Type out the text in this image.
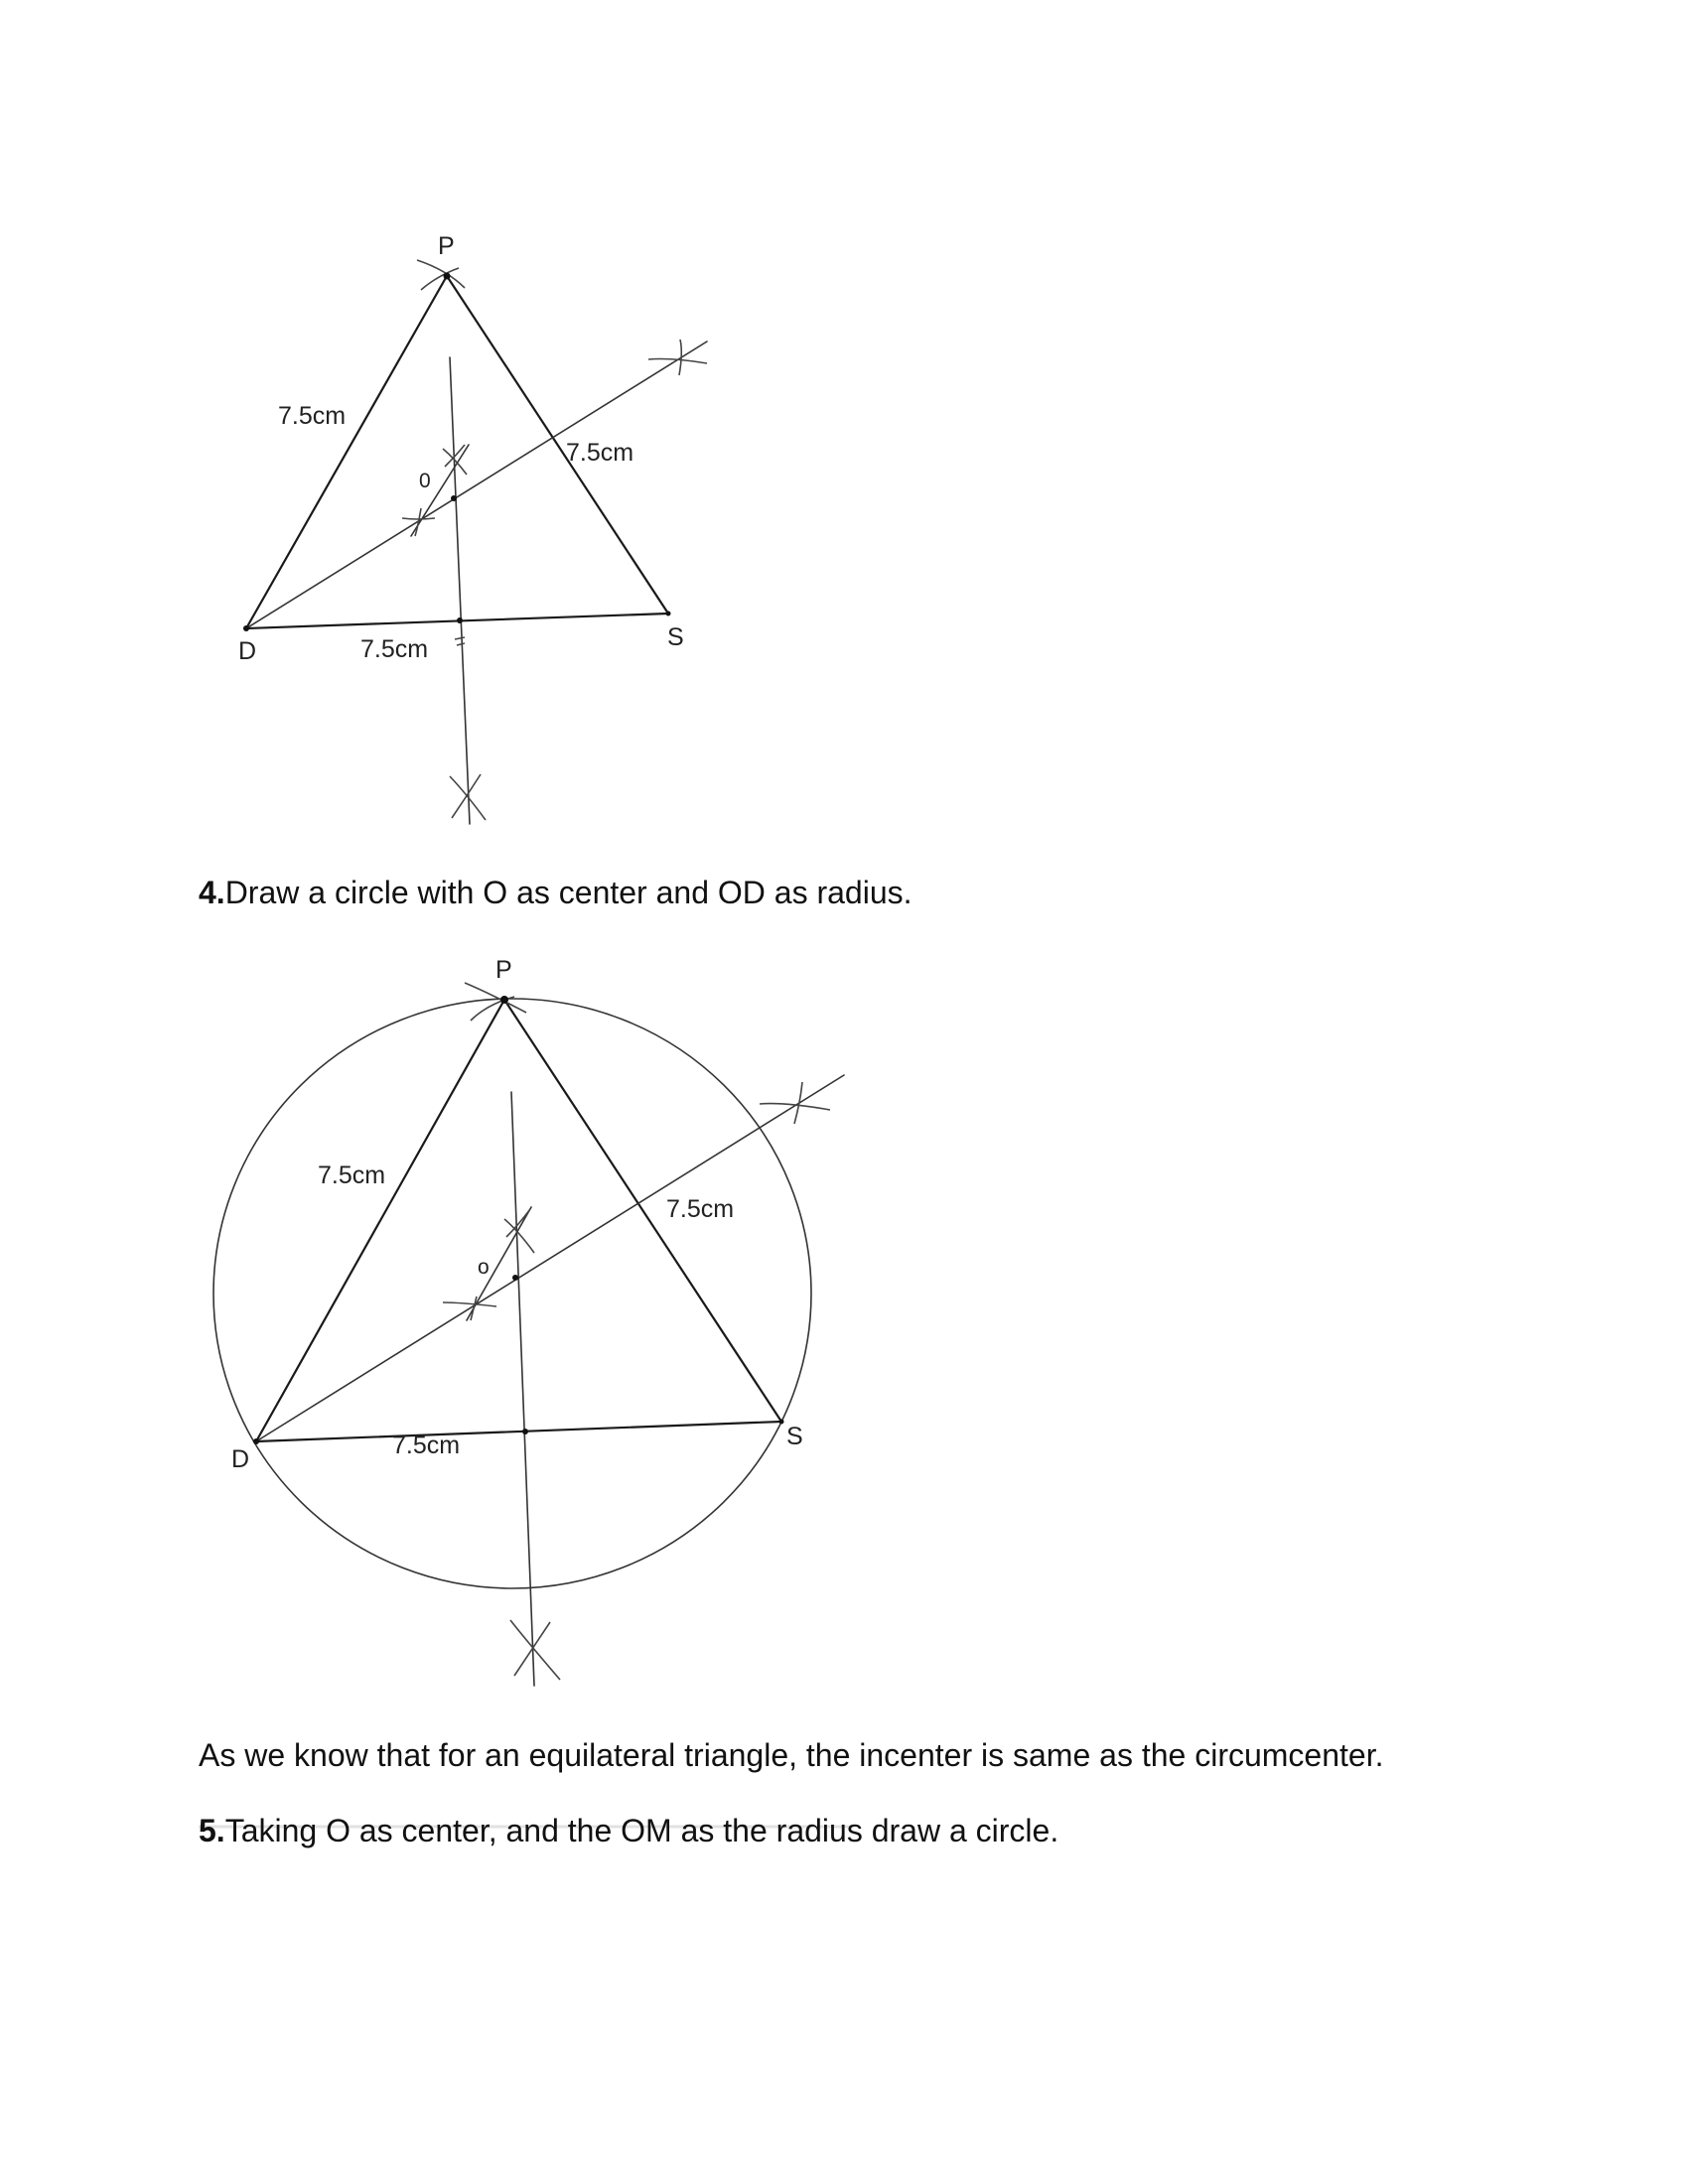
P
D	S
0
7.5cm
7.5cm
7.5cm
4.Draw a circle with O as center and OD as radius.
P
D
S
o
7.5cm
7.5cm
7.5cm
As we know that for an equilateral triangle, the incenter is same as the circumcenter.
5.Taking O as center, and the OM as the radius draw a circle.
